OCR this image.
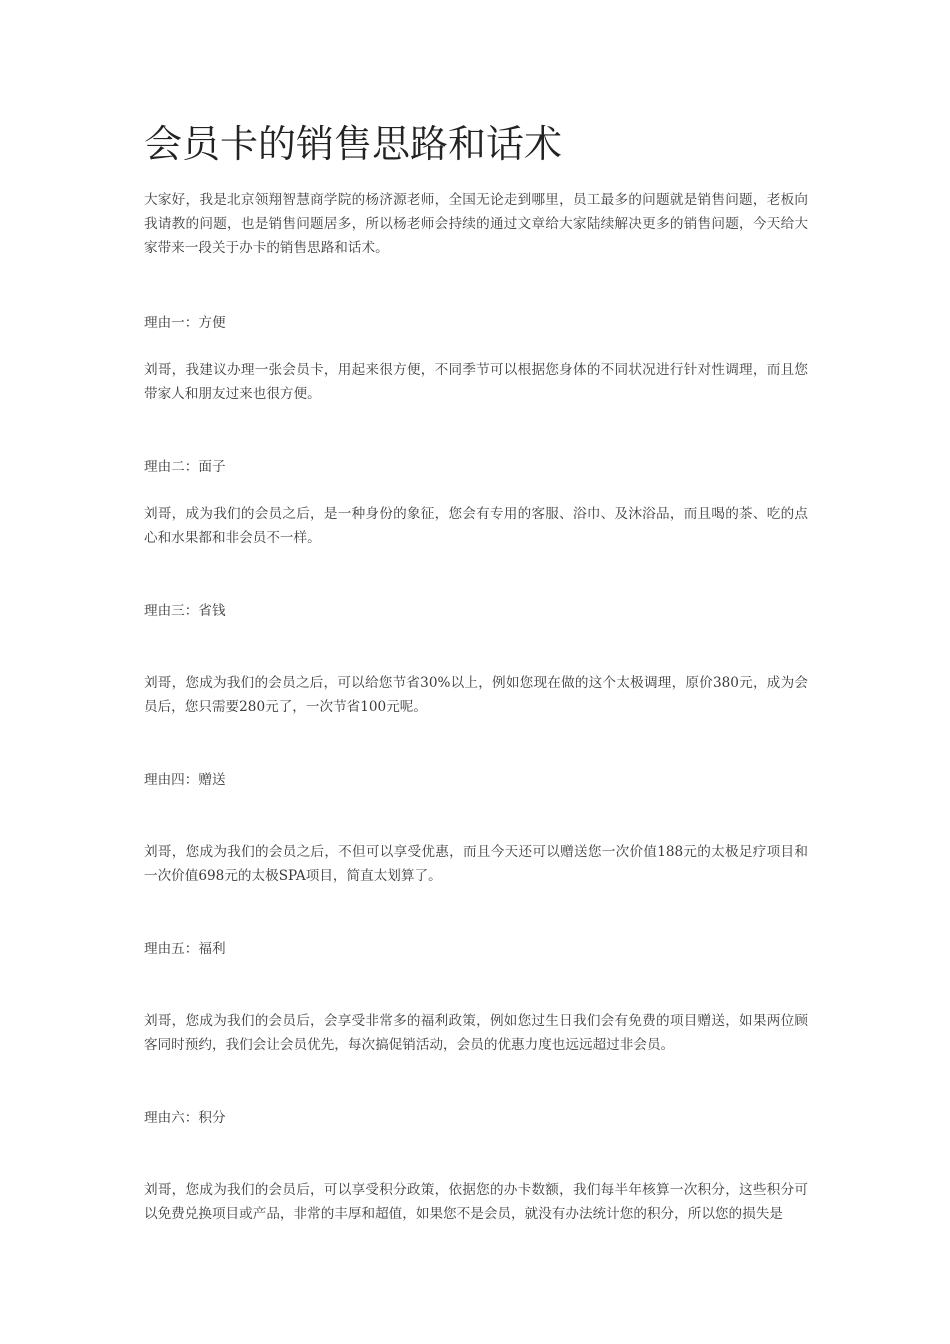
会员卡的销售思路和话术

大家好，我是北京领翔智慧商学院的杨济源老师，全国无论走到哪里，员工最多的问题就是销售问题，老板向我请教的问题，也是销售问题居多，所以杨老师会持续的通过文章给大家陆续解决更多的销售问题，今天给大家带来一段关于办卡的销售思路和话术。

理由一：方便

刘哥，我建议办理一张会员卡，用起来很方便，不同季节可以根据您身体的不同状况进行针对性调理，而且您带家人和朋友过来也很方便。

理由二：面子

刘哥，成为我们的会员之后，是一种身份的象征，您会有专用的客服、浴巾、及沐浴品，而且喝的茶、吃的点心和水果都和非会员不一样。

理由三：省钱

刘哥，您成为我们的会员之后，可以给您节省30%以上，例如您现在做的这个太极调理，原价380元，成为会员后，您只需要280元了，一次节省100元呢。

理由四：赠送

刘哥，您成为我们的会员之后，不但可以享受优惠，而且今天还可以赠送您一次价值188元的太极足疗项目和一次价值698元的太极SPA项目，简直太划算了。

理由五：福利

刘哥，您成为我们的会员后，会享受非常多的福利政策，例如您过生日我们会有免费的项目赠送，如果两位顾客同时预约，我们会让会员优先，每次搞促销活动，会员的优惠力度也远远超过非会员。

理由六：积分

刘哥，您成为我们的会员后，可以享受积分政策，依据您的办卡数额，我们每半年核算一次积分，这些积分可以免费兑换项目或产品，非常的丰厚和超值，如果您不是会员，就没有办法统计您的积分，所以您的损失是
